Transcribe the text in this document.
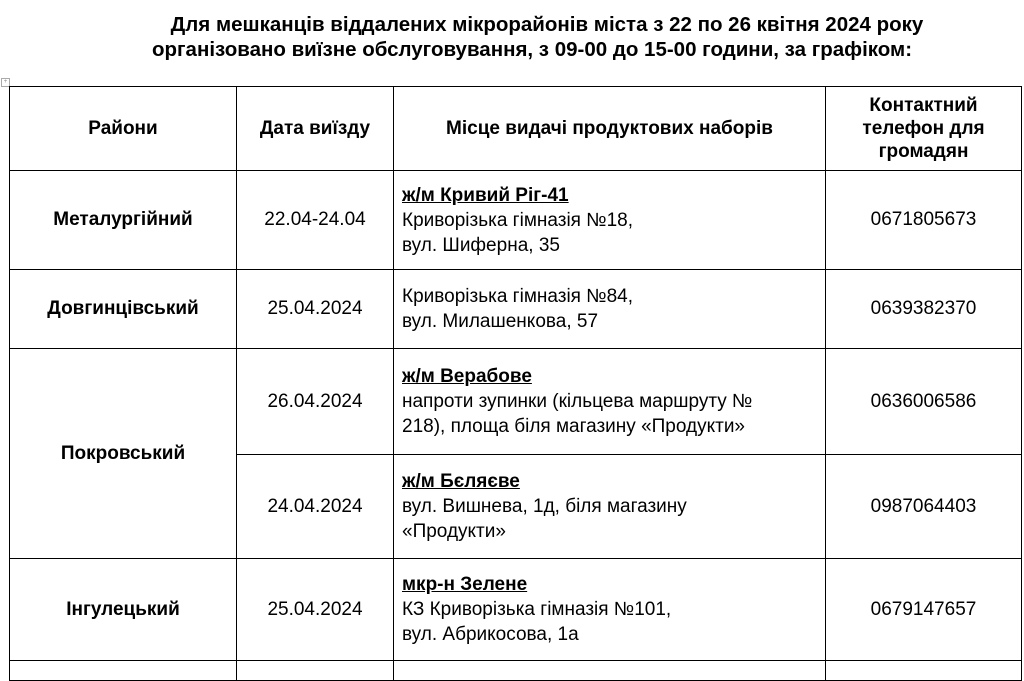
Для мешканців віддалених мікрорайонів міста з 22 по 26 квітня 2024 року
організовано виїзне обслуговування, з 09-00 до 15-00 години, за графіком:
+
Райони	Дата виїзду	Місце видачі продуктових наборів	Контактний телефон для громадян
Металургійний	22.04-24.04	ж/м Кривий Ріг-41
Криворізька гімназія №18,
вул. Шиферна, 35	0671805673
Довгинцівський	25.04.2024	Криворізька гімназія №84,
вул. Милашенкова, 57	0639382370
Покровський	26.04.2024	ж/м Верабове
напроти зупинки (кільцева маршруту №
218), площа біля магазину «Продукти»	0636006586
	24.04.2024	ж/м Бєляєве
вул. Вишнева, 1д, біля магазину
«Продукти»	0987064403
Інгулецький	25.04.2024	мкр-н Зелене
КЗ Криворізька гімназія №101,
вул. Абрикосова, 1а	0679147657
